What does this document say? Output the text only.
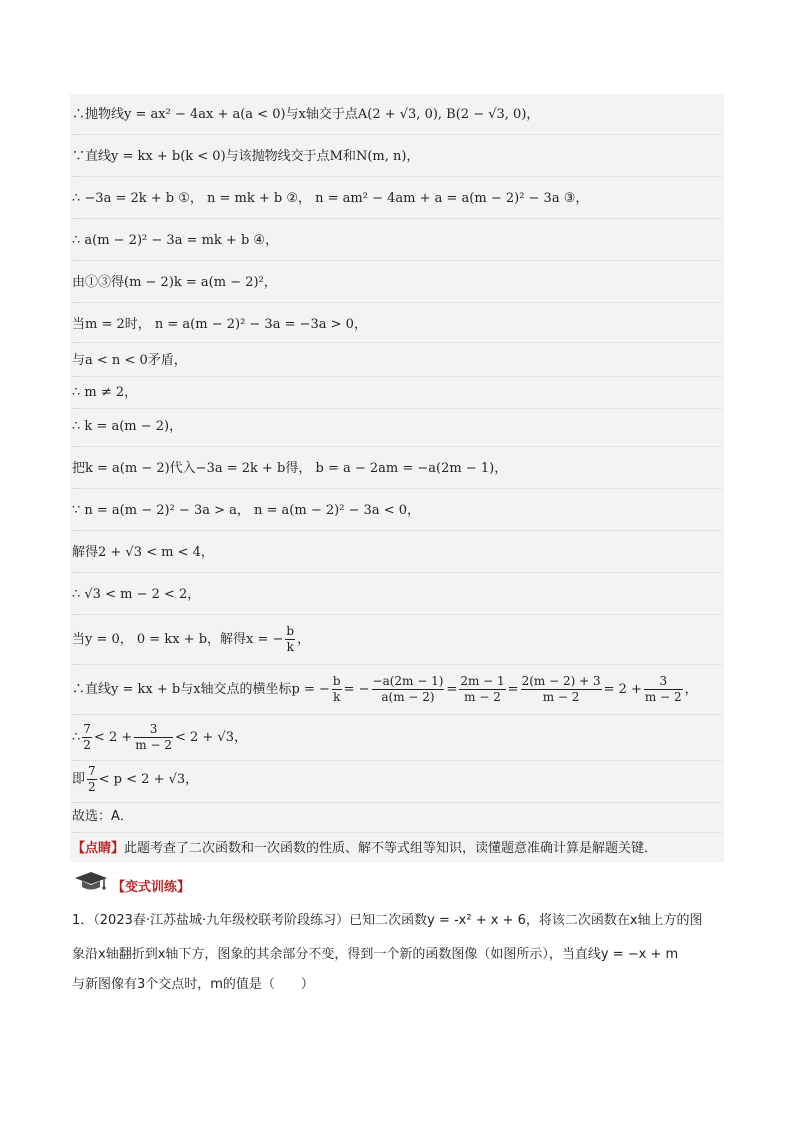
∴抛物线y = ax² − 4ax + a(a < 0)与x轴交于点A(2 + √3, 0), B(2 − √3, 0)，
∵直线y = kx + b(k < 0)与该抛物线交于点M和N(m, n)，
∴ −3a = 2k + b ①， n = mk + b ②， n = am² − 4am + a = a(m − 2)² − 3a ③，
∴ a(m − 2)² − 3a = mk + b ④，
由①③得(m − 2)k = a(m − 2)²，
当m = 2时， n = a(m − 2)² − 3a = −3a > 0，
与a < n < 0矛盾，
∴ m ≠ 2，
∴ k = a(m − 2)，
把k = a(m − 2)代入−3a = 2k + b得， b = a − 2am = −a(2m − 1)，
∵ n = a(m − 2)² − 3a > a， n = a(m − 2)² − 3a < 0，
解得2 + √3 < m < 4，
∴ √3 < m − 2 < 2，
当y = 0， 0 = kx + b，解得x = − $\frac{b}{k}$ ，
∴直线y = kx + b与x轴交点的横坐标p = − $\frac{b}{k}$ = − $\frac{-a(2m - 1)}{a(m - 2)} = \frac{2m - 1}{m - 2} = \frac{2(m - 2) + 3}{m - 2} = 2 + \frac{3}{m - 2}$ ，
∴ $\frac{7}{2} < 2 + \frac{3}{m - 2} < 2 + √3$，
即 $\frac{7}{2} < p < 2 + √3$，
故选：A．
【点睛】此题考查了二次函数和一次函数的性质、解不等式组等知识，读懂题意准确计算是解题关键．
【变式训练】
1．（2023春·江苏盐城·九年级校联考阶段练习）已知二次函数y = -x² + x + 6，将该二次函数在x轴上方的图
象沿x轴翻折到x轴下方，图象的其余部分不变，得到一个新的函数图像（如图所示），当直线y = −x + m
与新图像有3个交点时，m的值是（　　）
